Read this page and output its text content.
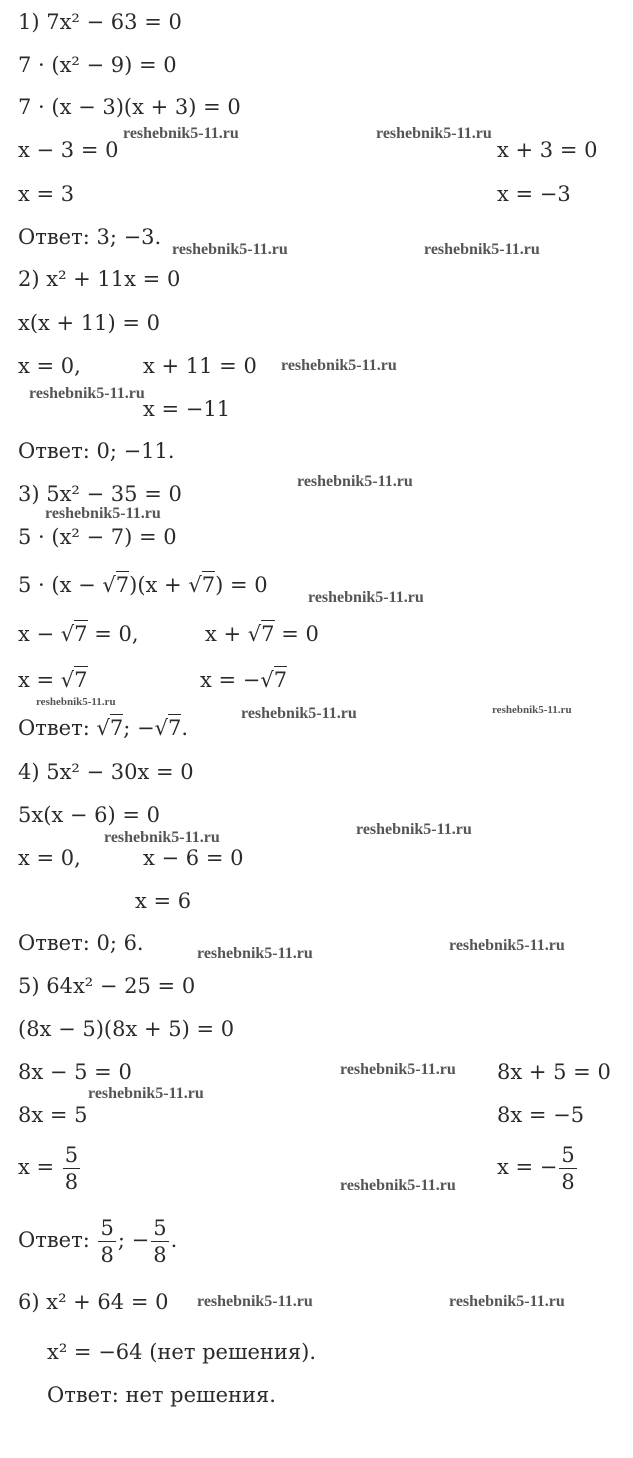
1) 7x² − 63 = 0
7 · (x² − 9) = 0
7 · (x − 3)(x + 3) = 0
x − 3 = 0	x + 3 = 0
x = 3	x = −3
Ответ: 3; −3.
2) x² + 11x = 0
x(x + 11) = 0
x = 0,	x + 11 = 0
x = −11
Ответ: 0; −11.
3) 5x² − 35 = 0
5 · (x² − 7) = 0
5 · (x − √7)(x + √7) = 0
x − √7 = 0,	x + √7 = 0
x = √7	x = −√7
Ответ: √7; −√7.
4) 5x² − 30x = 0
5x(x − 6) = 0
x = 0,	x − 6 = 0
x = 6
Ответ: 0; 6.
5) 64x² − 25 = 0
(8x − 5)(8x + 5) = 0
8x − 5 = 0	8x + 5 = 0
8x = 5	8x = −5
$x = \frac{5}{8}$	x = − $\frac{5}{8}$
Ответ: $\frac{5}{8}$ ; − $\frac{5}{8}$ .
6) x² + 64 = 0
x² = −64 (нет решения).
Ответ: нет решения.
reshebnik5-11.ru	reshebnik5-11.ru
reshebnik5-11.ru	reshebnik5-11.ru
reshebnik5-11.ru
reshebnik5-11.ru
reshebnik5-11.ru
reshebnik5-11.ru
reshebnik5-11.ru
reshebnik5-11.ru
reshebnik5-11.ru	reshebnik5-11.ru
reshebnik5-11.ru
reshebnik5-11.ru
reshebnik5-11.ru	reshebnik5-11.ru
reshebnik5-11.ru
reshebnik5-11.ru
reshebnik5-11.ru
reshebnik5-11.ru	reshebnik5-11.ru
